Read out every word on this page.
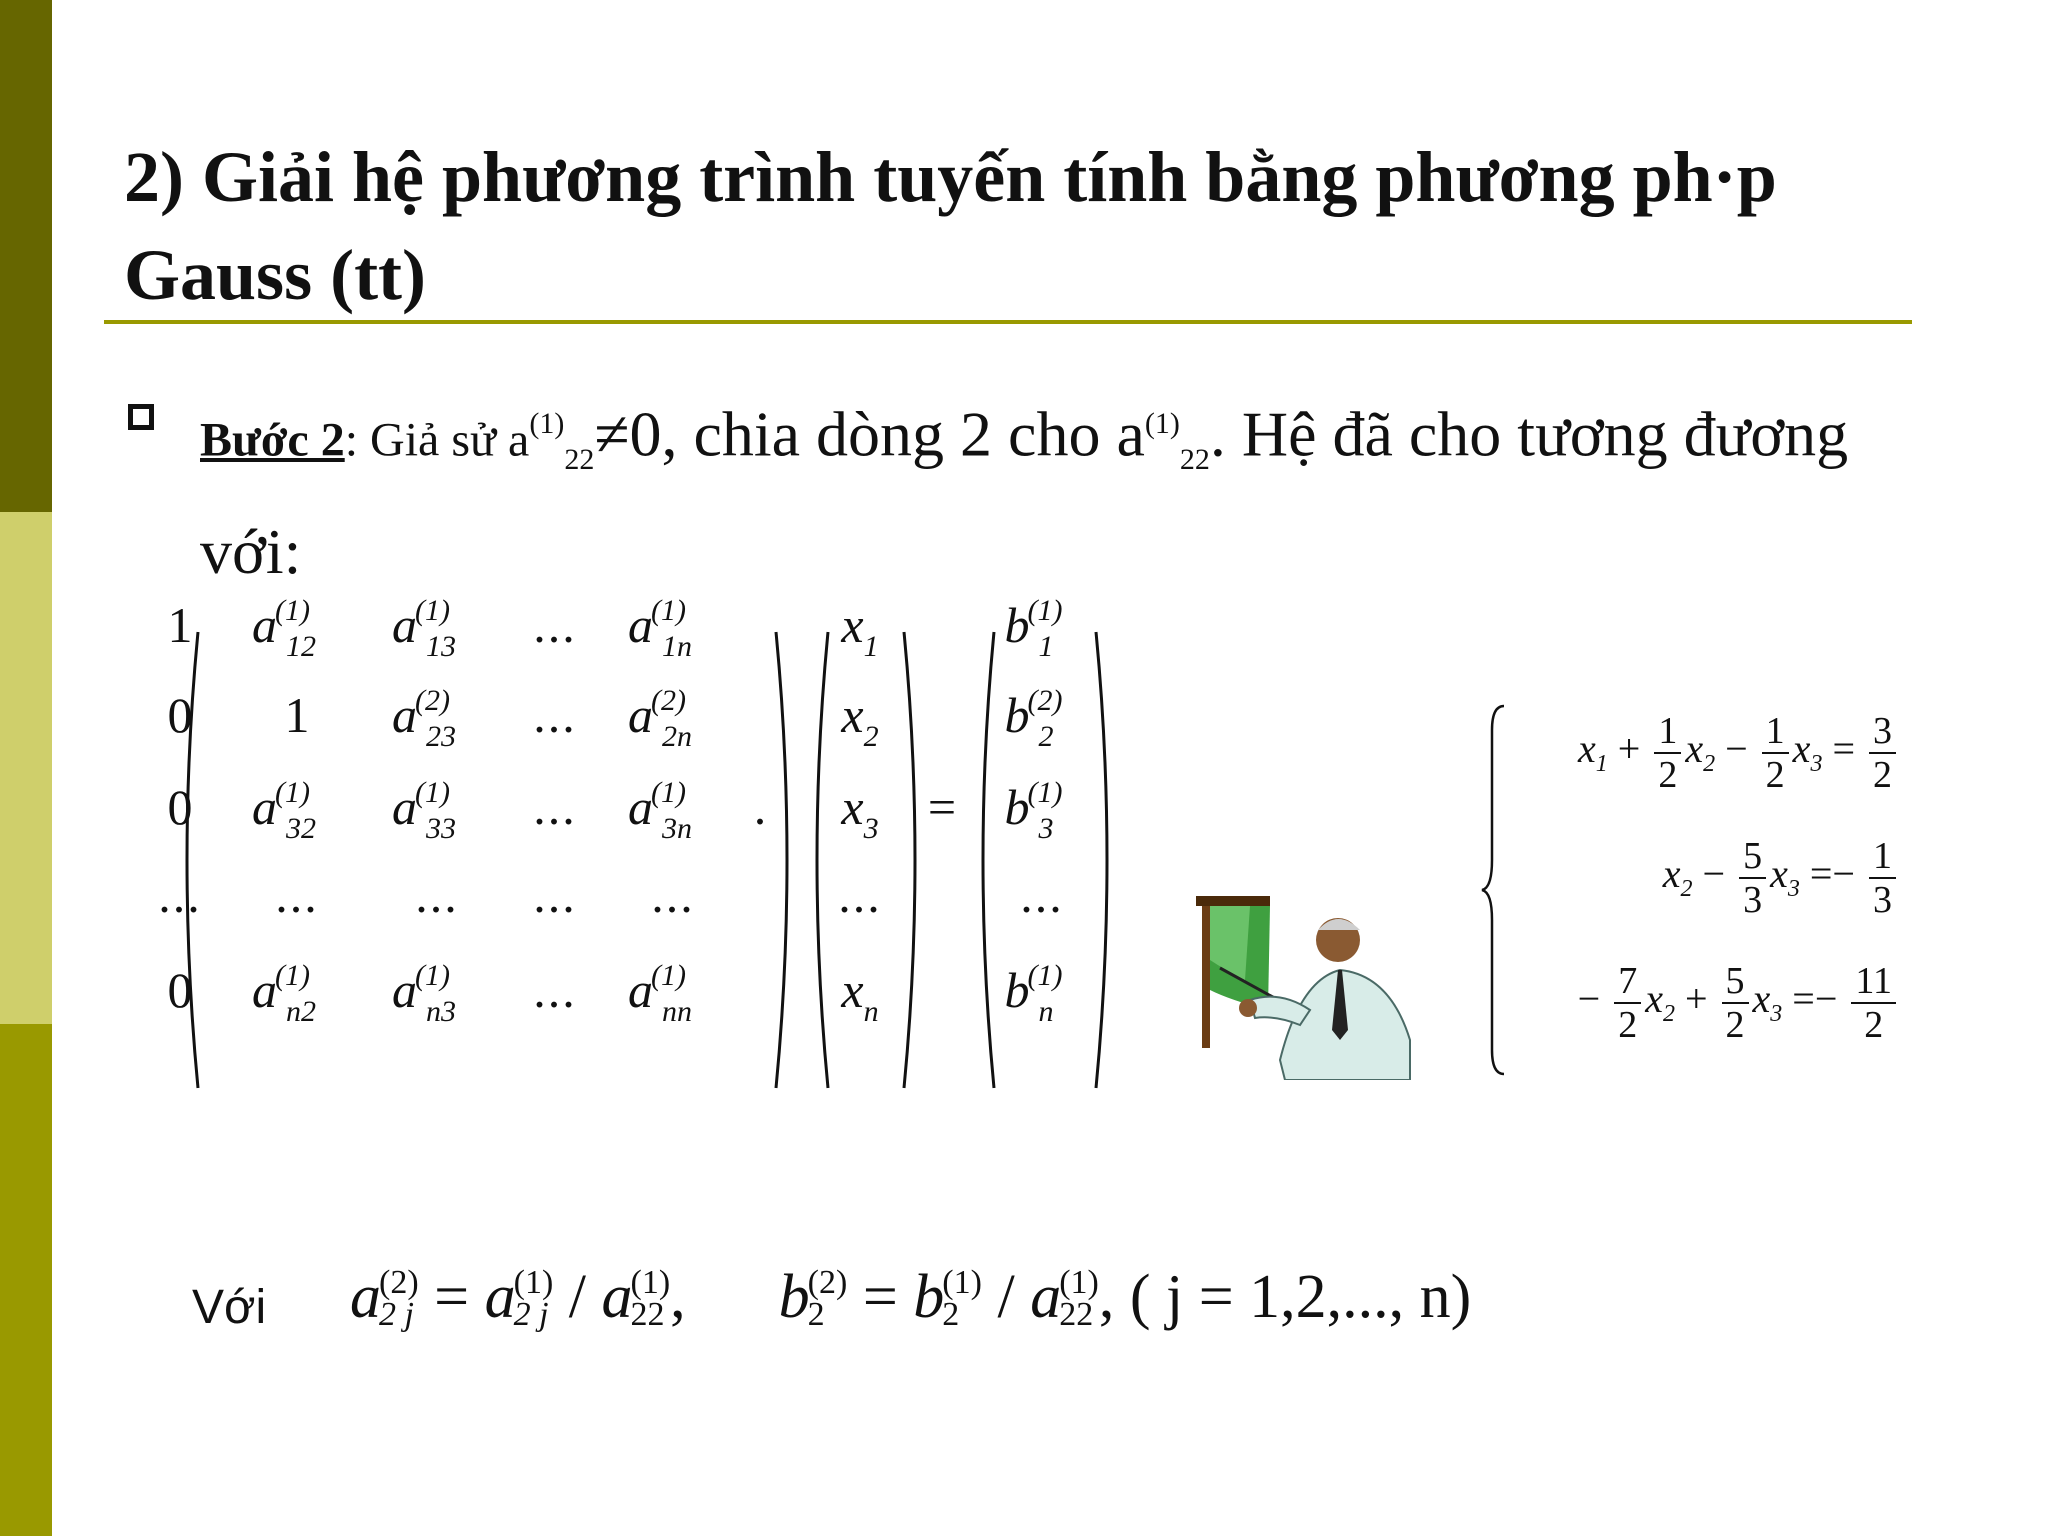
2) Giải hệ phương trình tuyến tính bằng phương ph·p Gauss (tt)
Bước 2: Giả sử $a^{(1)}_{22}\ne 0$, chia dòng 2 cho $a^{(1)}_{22}$. Hệ đã cho tương đương với:
1	$a^{(1)}_{12}$	$a^{(1)}_{13}$	...	$a^{(1)}_{1n}$
0	1	$a^{(2)}_{23}$	...	$a^{(2)}_{2n}$
0	$a^{(1)}_{32}$	$a^{(1)}_{33}$	...	$a^{(1)}_{3n}$
...	...	...	...	...
0	$a^{(1)}_{n2}$	$a^{(1)}_{n3}$	...	$a^{(1)}_{nn}$
$x_1$
$x_2$
$x_3$
...
$x_n$
.	=
$b^{(1)}_1$
$b^{(2)}_2$
$b^{(1)}_3$
...
$b^{(1)}_n$
$x_1 + \frac{1}{2} x_2 - \frac{1}{2} x_3 = \frac{3}{2}$
$x_2 - \frac{5}{3} x_3 =- \frac{1}{3}$
− $\frac{7}{2} x_2 + \frac{5}{2} x_3 =- \frac{11}{2}$
Với a
(2)
2 j = a
(1)
2 j / a
(1)
22 ,      b
(2)
2 = b
(1)
2 / a
(1)
22 , ( j = 1,2,..., n)
